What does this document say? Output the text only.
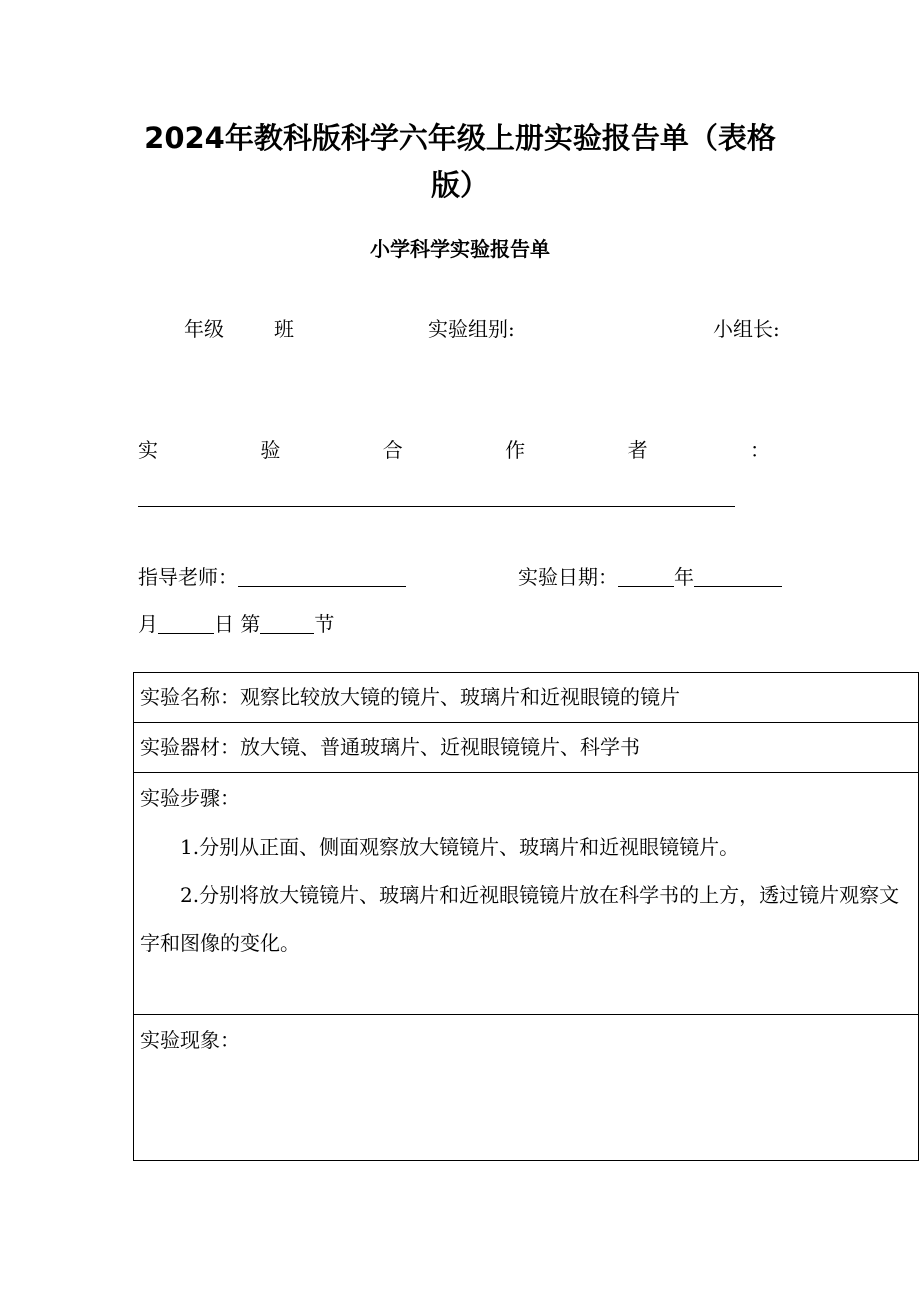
2024年教科版科学六年级上册实验报告单（表格
版）
小学科学实验报告单
年级	班	实验组别:	小组长:
实	验	合	作	者	：
指导老师：	实验日期：	年
月	日 第	节
实验名称：观察比较放大镜的镜片、玻璃片和近视眼镜的镜片
实验器材：放大镜、普通玻璃片、近视眼镜镜片、科学书

实验步骤：

1.分别从正面、侧面观察放大镜镜片、玻璃片和近视眼镜镜片。

2.分别将放大镜镜片、玻璃片和近视眼镜镜片放在科学书的上方，透过镜片观察文字和图像的变化。

实验现象：
